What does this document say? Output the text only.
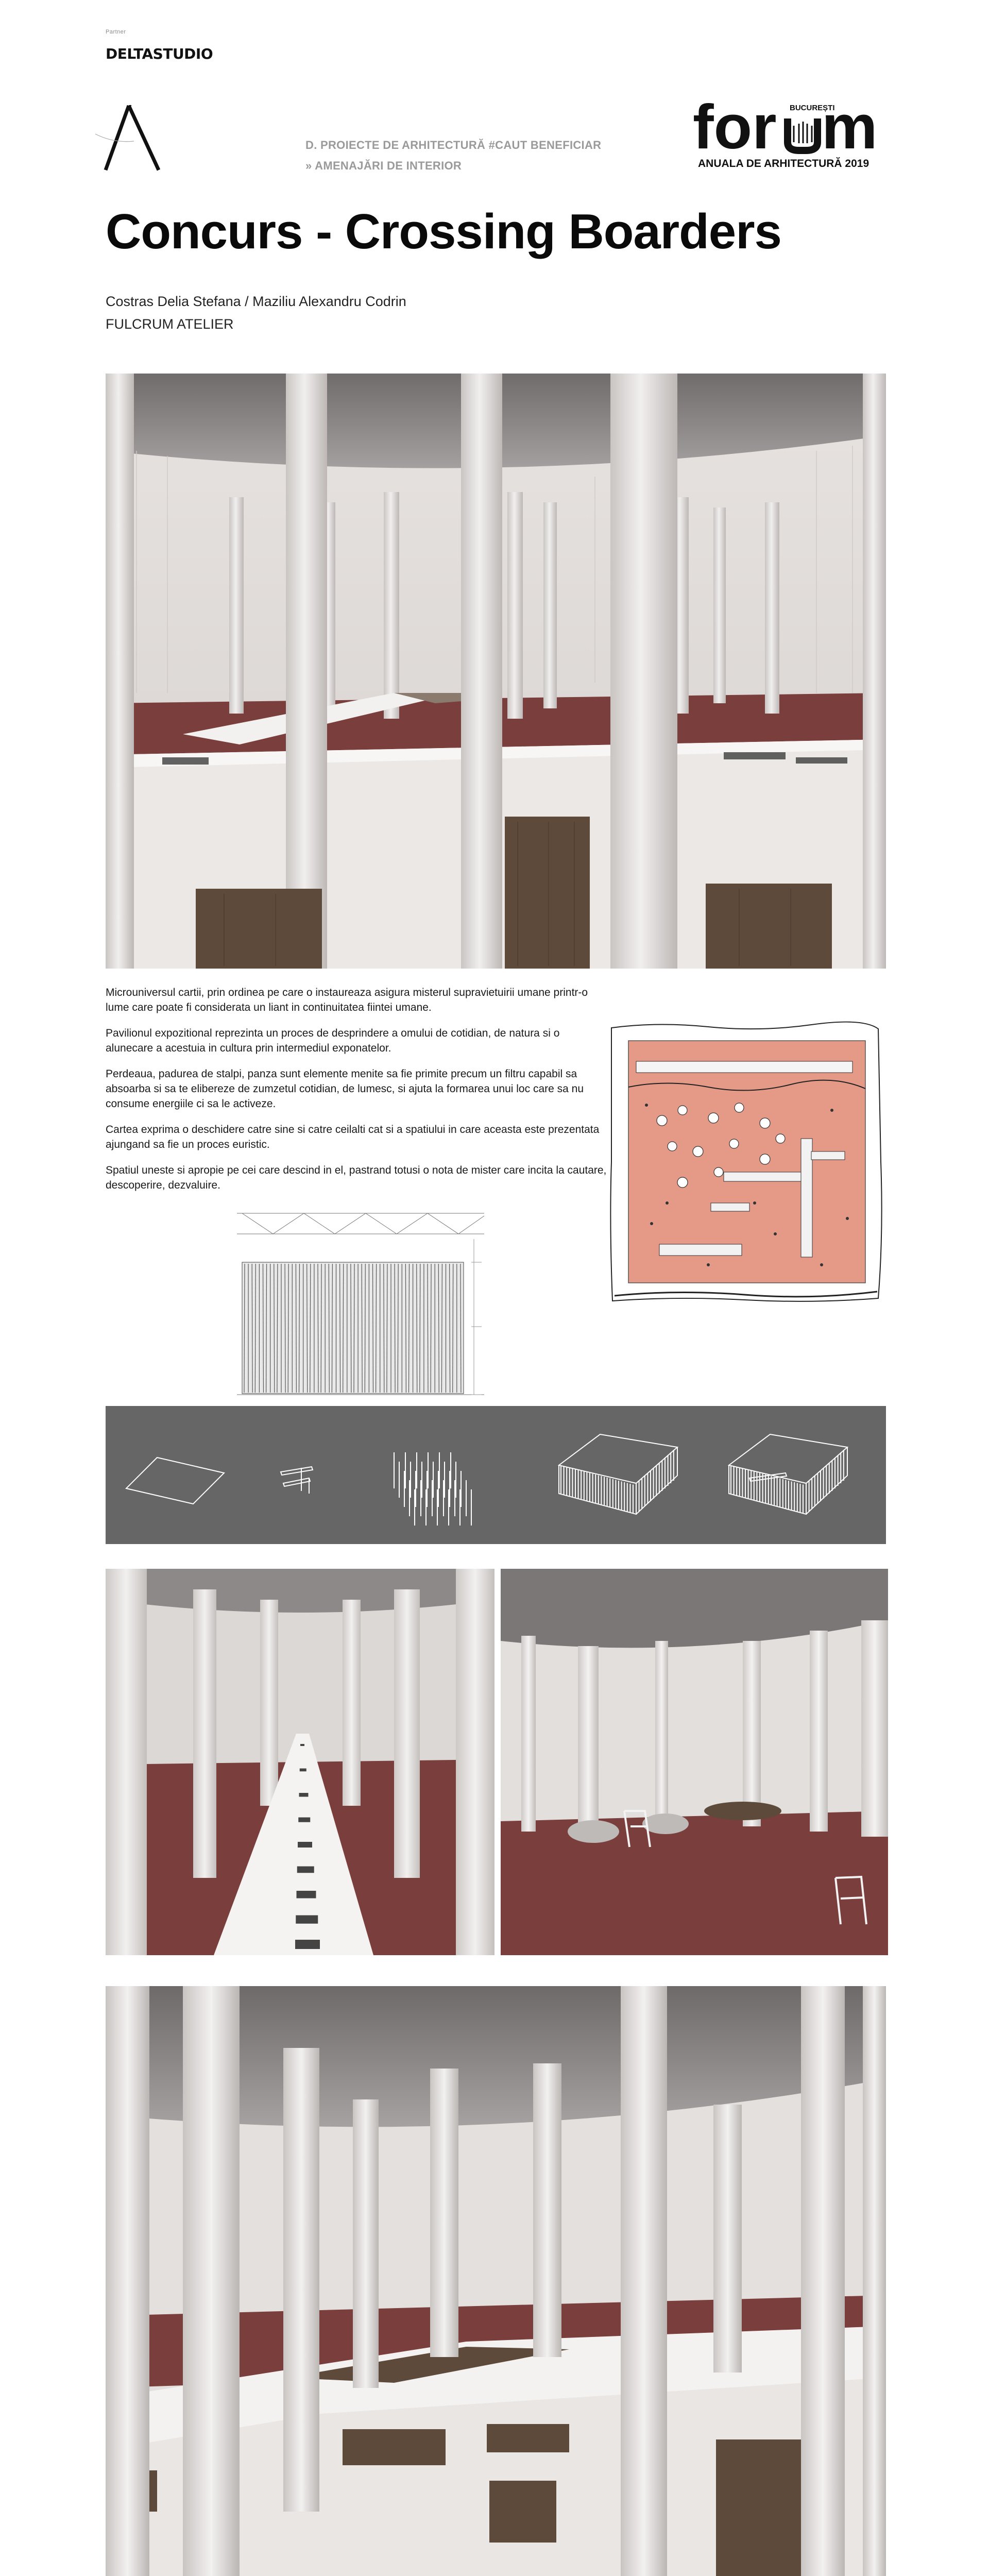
Partner
DELTASTUDIO
D. PROIECTE DE ARHITECTURĂ #CAUT BENEFICIAR
» AMENAJĂRI DE INTERIOR
for m
BUCUREȘTI
ANUALA DE ARHITECTURĂ 2019
Concurs - Crossing Boarders
Costras Delia Stefana / Maziliu Alexandru Codrin
FULCRUM ATELIER

Microuniversul cartii, prin ordinea pe care o instaureaza asigura misterul supravietuirii umane printr-o lume care poate fi considerata un liant in continuitatea fiintei umane.

Pavilionul expozitional reprezinta un proces de desprindere a omului de cotidian, de natura si o alunecare a acestuia in cultura prin intermediul exponatelor.

Perdeaua, padurea de stalpi, panza sunt elemente menite sa fie primite precum un filtru capabil sa absoarba si sa te elibereze de zumzetul cotidian, de lumesc, si ajuta la formarea unui loc care sa nu consume energiile ci sa le activeze.

Cartea exprima o deschidere catre sine si catre ceilalti cat si a spatiului in care aceasta este prezentata ajungand sa fie un proces euristic.

Spatiul uneste si apropie pe cei care descind in el, pastrand totusi o nota de mister care incita la cautare, descoperire, dezvaluire.
